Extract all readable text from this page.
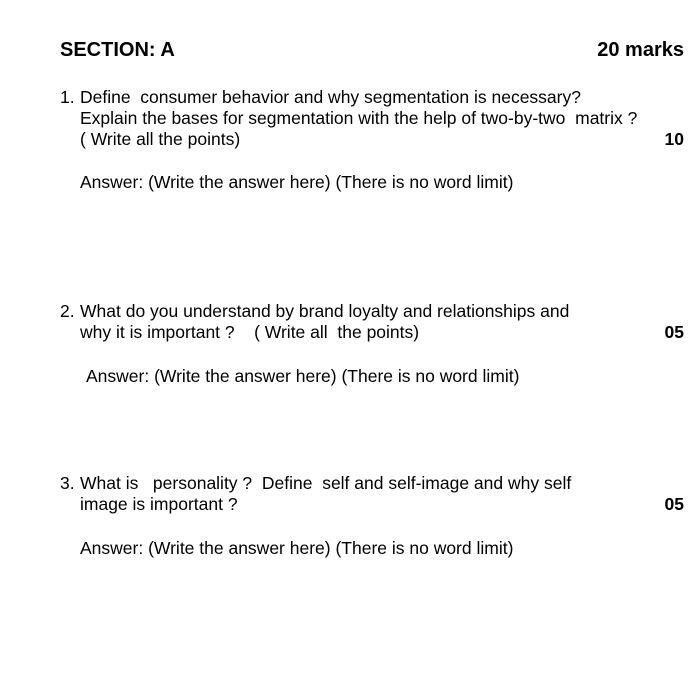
SECTION: A	20 marks
1. Define  consumer behavior and why segmentation is necessary?
Explain the bases for segmentation with the help of two-by-two  matrix ?
( Write all the points)	10
Answer: (Write the answer here) (There is no word limit)
2. What do you understand by brand loyalty and relationships and
why it is important ?    ( Write all  the points)	05
Answer: (Write the answer here) (There is no word limit)
3. What is   personality ?  Define  self and self-image and why self
image is important ?	05
Answer: (Write the answer here) (There is no word limit)
